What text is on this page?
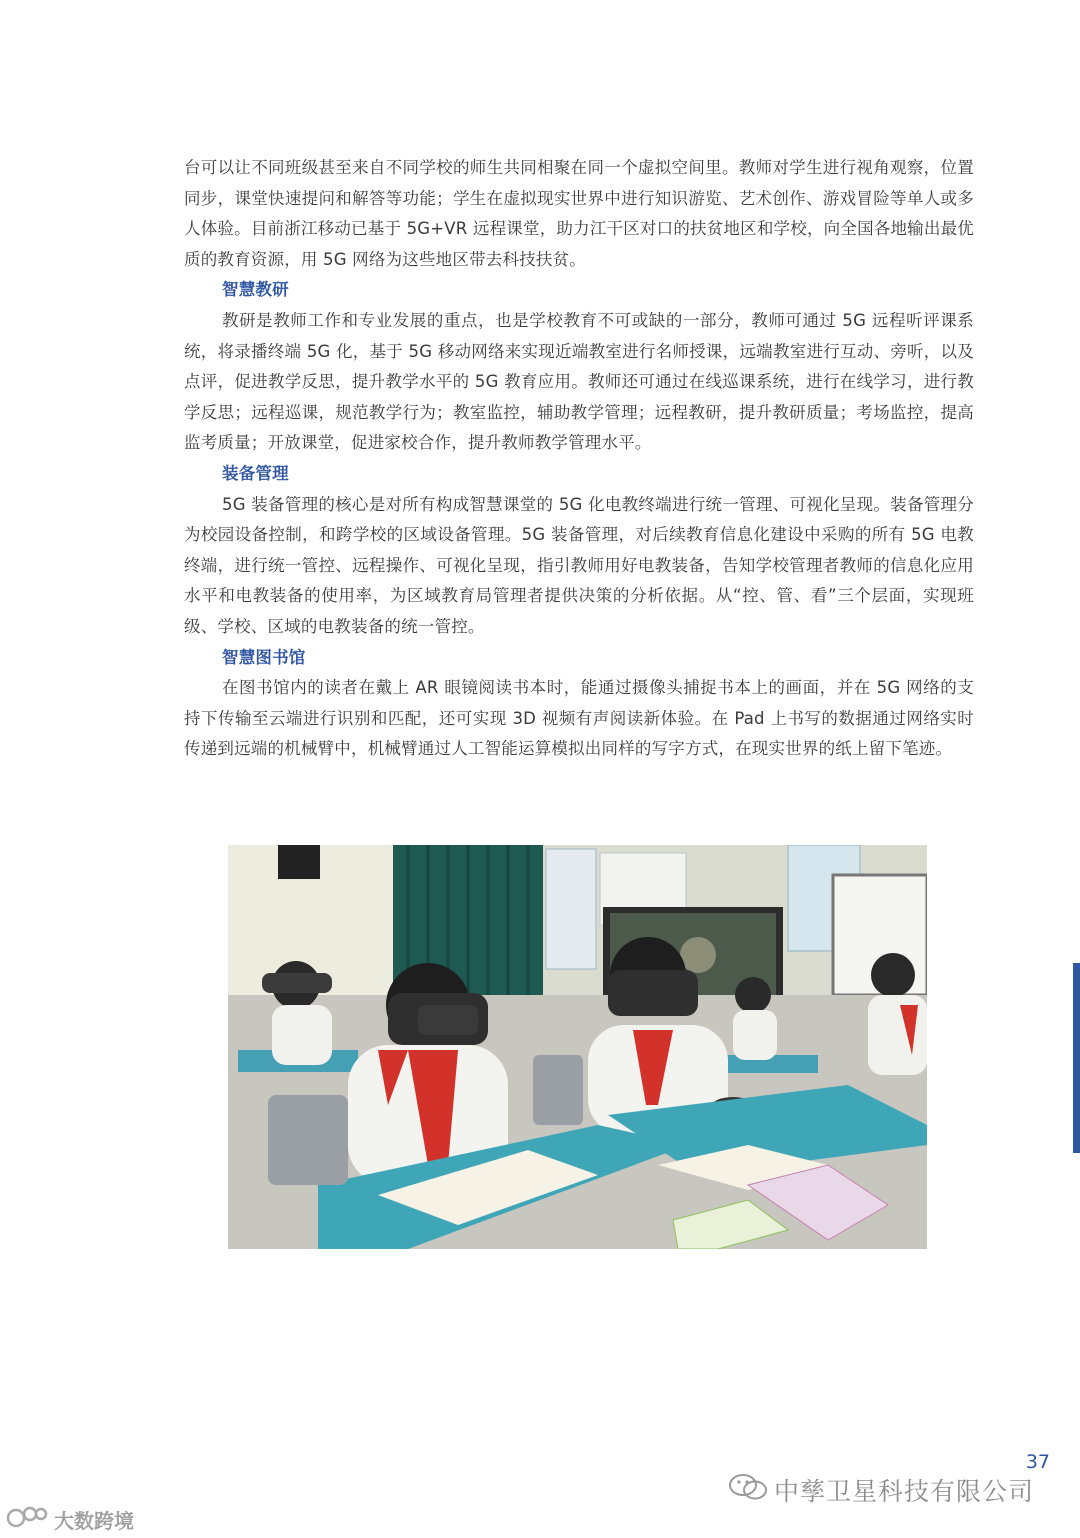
台可以让不同班级甚至来自不同学校的师生共同相聚在同一个虚拟空间里。教师对学生进行视角观察，位置同步，课堂快速提问和解答等功能；学生在虚拟现实世界中进行知识游览、艺术创作、游戏冒险等单人或多人体验。目前浙江移动已基于 5G+VR 远程课堂，助力江干区对口的扶贫地区和学校，向全国各地输出最优质的教育资源，用 5G 网络为这些地区带去科技扶贫。

智慧教研

教研是教师工作和专业发展的重点，也是学校教育不可或缺的一部分，教师可通过 5G 远程听评课系统，将录播终端 5G 化，基于 5G 移动网络来实现近端教室进行名师授课，远端教室进行互动、旁听，以及点评，促进教学反思，提升教学水平的 5G 教育应用。教师还可通过在线巡课系统，进行在线学习，进行教学反思；远程巡课，规范教学行为；教室监控，辅助教学管理；远程教研，提升教研质量；考场监控，提高监考质量；开放课堂，促进家校合作，提升教师教学管理水平。

装备管理

5G 装备管理的核心是对所有构成智慧课堂的 5G 化电教终端进行统一管理、可视化呈现。装备管理分为校园设备控制，和跨学校的区域设备管理。5G 装备管理，对后续教育信息化建设中采购的所有 5G 电教终端，进行统一管控、远程操作、可视化呈现，指引教师用好电教装备，告知学校管理者教师的信息化应用水平和电教装备的使用率，为区域教育局管理者提供决策的分析依据。从“控、管、看”三个层面，实现班级、学校、区域的电教装备的统一管控。

智慧图书馆

在图书馆内的读者在戴上 AR 眼镜阅读书本时，能通过摄像头捕捉书本上的画面，并在 5G 网络的支持下传输至云端进行识别和匹配，还可实现 3D 视频有声阅读新体验。在 Pad 上书写的数据通过网络实时传递到远端的机械臂中，机械臂通过人工智能运算模拟出同样的写字方式，在现实世界的纸上留下笔迹。

37
中孳卫星科技有限公司
大数跨境
